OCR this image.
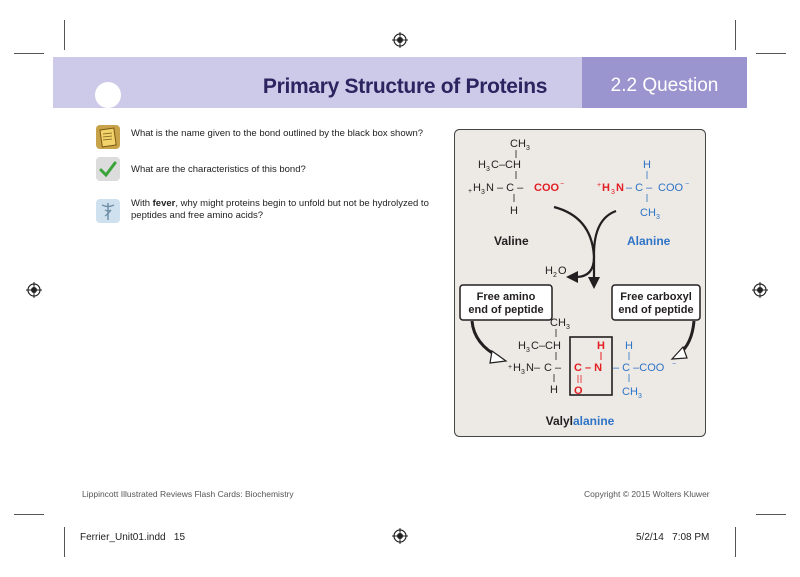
Primary Structure of Proteins	2.2 Question
What is the name given to the bond outlined by the black box shown?
What are the characteristics of this bond?
With fever, why might proteins begin to unfold but not be hydrolyzed to peptides and free amino acids?
CH 3
H 3 C–CH
+ H 3 N – C – COO −
H
H
+ H 3 N – C – COO −
CH 3
Valine	Alanine
H 2 O
Free amino
end of peptide
Free carboxyl
end of peptide
CH 3
H 3 C–CH
+ H 3 N– C –
H
H
C – N
O
H
– C –COO −
CH 3
Valylalanine
Lippincott Illustrated Reviews Flash Cards: Biochemistry	Copyright © 2015 Wolters Kluwer
Ferrier_Unit01.indd   15	5/2/14   7:08 PM
